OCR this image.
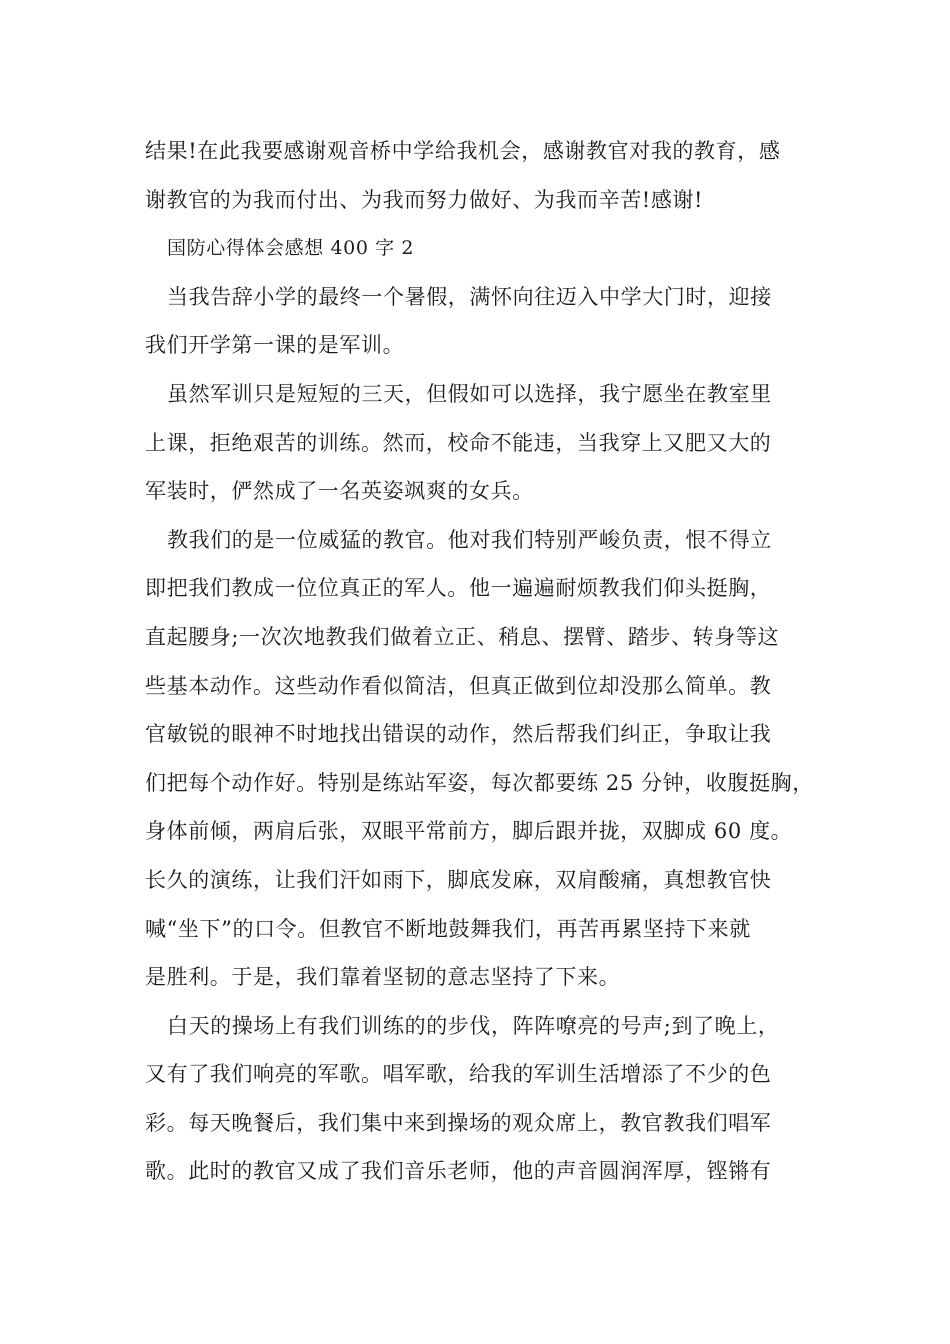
结果!在此我要感谢观音桥中学给我机会，感谢教官对我的教育，感
谢教官的为我而付出、为我而努力做好、为我而辛苦!感谢!
国防心得体会感想 400 字 2
当我告辞小学的最终一个暑假，满怀向往迈入中学大门时，迎接
我们开学第一课的是军训。
虽然军训只是短短的三天，但假如可以选择，我宁愿坐在教室里
上课，拒绝艰苦的训练。然而，校命不能违，当我穿上又肥又大的
军装时，俨然成了一名英姿飒爽的女兵。
教我们的是一位威猛的教官。他对我们特别严峻负责，恨不得立
即把我们教成一位位真正的军人。他一遍遍耐烦教我们仰头挺胸，
直起腰身;一次次地教我们做着立正、稍息、摆臂、踏步、转身等这
些基本动作。这些动作看似简洁，但真正做到位却没那么简单。教
官敏锐的眼神不时地找出错误的动作，然后帮我们纠正，争取让我
们把每个动作好。特别是练站军姿，每次都要练 25 分钟，收腹挺胸，
身体前倾，两肩后张，双眼平常前方，脚后跟并拢，双脚成 60 度。
长久的演练，让我们汗如雨下，脚底发麻，双肩酸痛，真想教官快
喊“坐下”的口令。但教官不断地鼓舞我们，再苦再累坚持下来就
是胜利。于是，我们靠着坚韧的意志坚持了下来。
白天的操场上有我们训练的的步伐，阵阵嘹亮的号声;到了晚上，
又有了我们响亮的军歌。唱军歌，给我的军训生活增添了不少的色
彩。每天晚餐后，我们集中来到操场的观众席上，教官教我们唱军
歌。此时的教官又成了我们音乐老师，他的声音圆润浑厚，铿锵有
